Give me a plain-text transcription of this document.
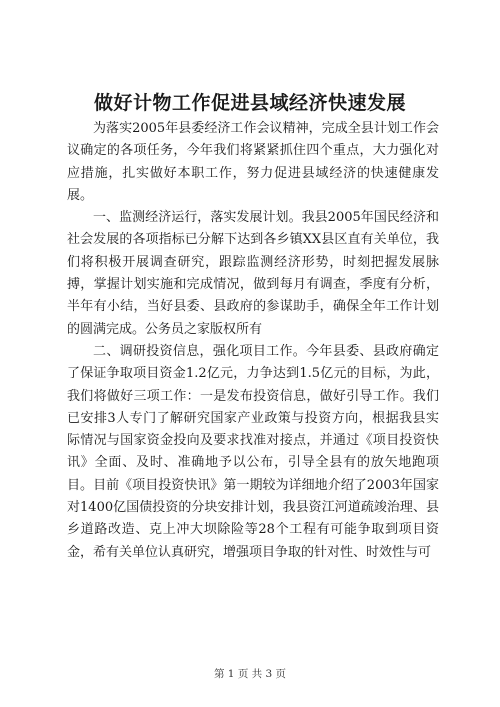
做好计物工作促进县域经济快速发展

为落实2005年县委经济工作会议精神，完成全县计划工作会议确定的各项任务，今年我们将紧紧抓住四个重点，大力强化对应措施，扎实做好本职工作，努力促进县域经济的快速健康发展。

一、监测经济运行，落实发展计划。我县2005年国民经济和社会发展的各项指标已分解下达到各乡镇XX县区直有关单位，我们将积极开展调查研究，跟踪监测经济形势，时刻把握发展脉搏，掌握计划实施和完成情况，做到每月有调查，季度有分析，半年有小结，当好县委、县政府的参谋助手，确保全年工作计划的圆满完成。公务员之家版权所有

二、调研投资信息，强化项目工作。今年县委、县政府确定了保证争取项目资金1.2亿元，力争达到1.5亿元的目标，为此，我们将做好三项工作：一是发布投资信息，做好引导工作。我们已安排3人专门了解研究国家产业政策与投资方向，根据我县实际情况与国家资金投向及要求找准对接点，并通过《项目投资快讯》全面、及时、准确地予以公布，引导全县有的放矢地跑项目。目前《项目投资快讯》第一期较为详细地介绍了2003年国家对1400亿国债投资的分块安排计划，我县资江河道疏竣治理、县乡道路改造、克上冲大坝除险等28个工程有可能争取到项目资金，希有关单位认真研究，增强项目争取的针对性、时效性与可

第 1 页 共 3 页
